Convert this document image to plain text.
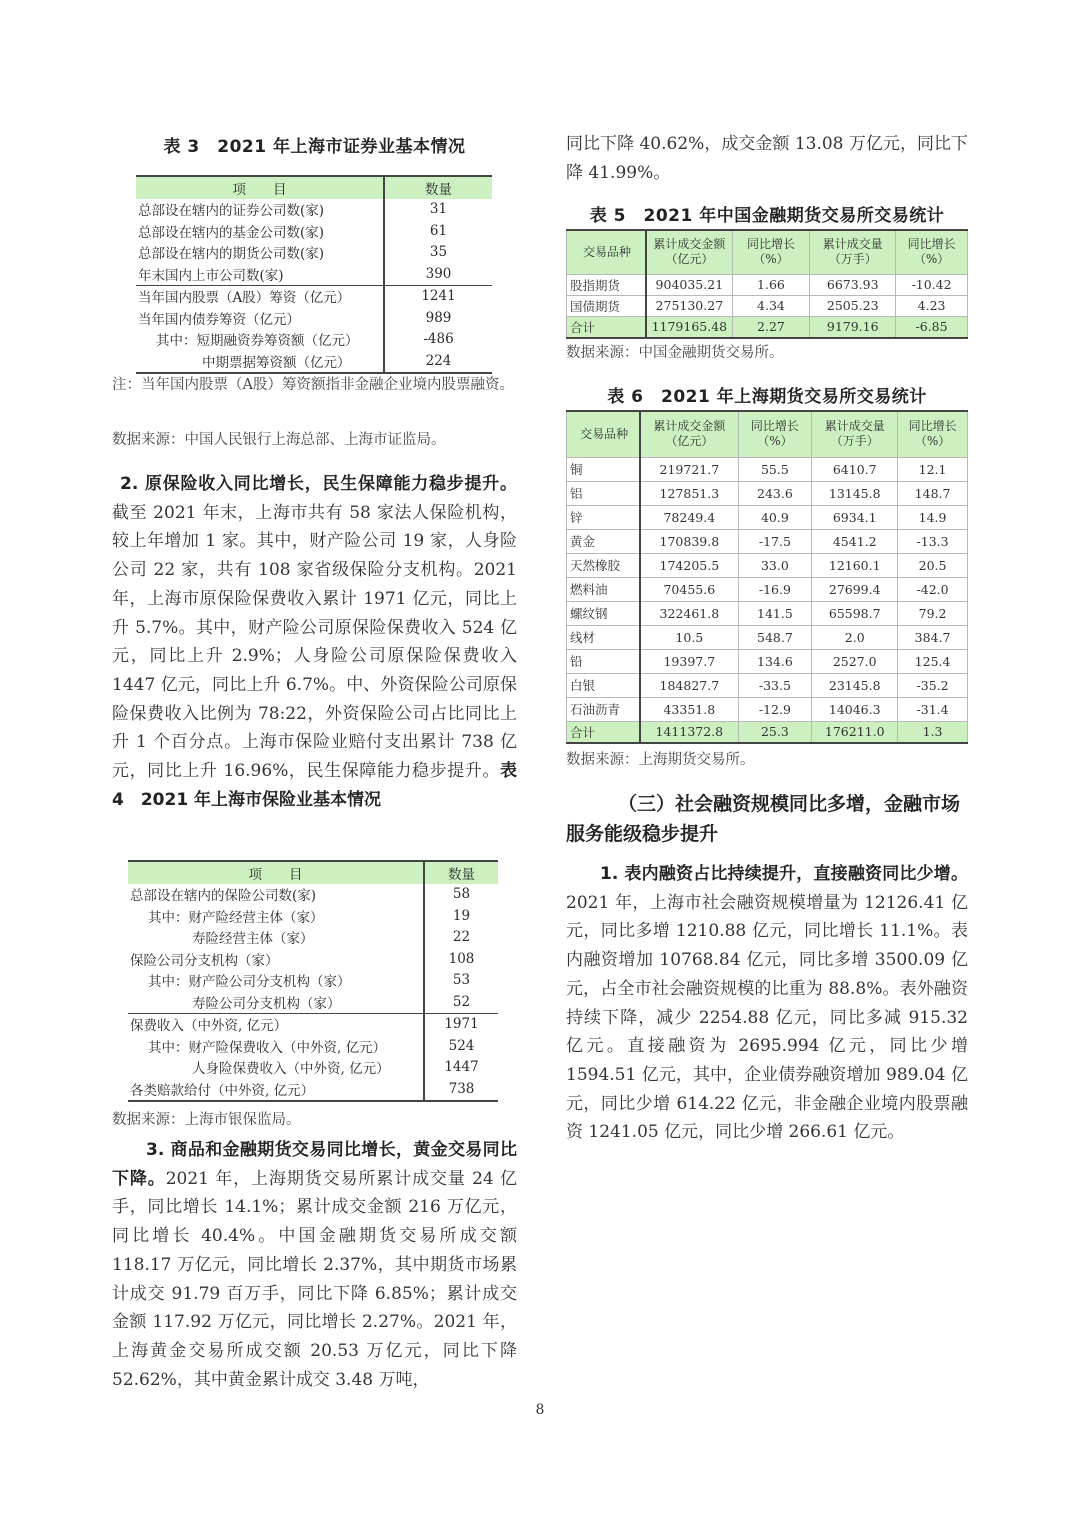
表 3　2021 年上海市证券业基本情况
项　　目	数量
总部设在辖内的证券公司数(家)	31
总部设在辖内的基金公司数(家)	61
总部设在辖内的期货公司数(家)	35
年末国内上市公司数(家)	390
当年国内股票（A股）筹资（亿元）	1241
当年国内债券筹资（亿元）	989
其中：短期融资券筹资额（亿元）	-486
中期票据筹资额（亿元）	224
注：当年国内股票（A股）筹资额指非金融企业境内股票融资。
数据来源：中国人民银行上海总部、上海市证监局。
2. 原保险收入同比增长，民生保障能力稳步提升。截至 2021 年末，上海市共有 58 家法人保险机构，较上年增加 1 家。其中，财产险公司 19 家，人身险公司 22 家，共有 108 家省级保险分支机构。2021 年，上海市原保险保费收入累计 1971 亿元，同比上升 5.7%。其中，财产险公司原保险保费收入 524 亿元，同比上升 2.9%；人身险公司原保险保费收入 1447 亿元，同比上升 6.7%。中、外资保险公司原保险保费收入比例为 78:22，外资保险公司占比同比上升 1 个百分点。上海市保险业赔付支出累计 738 亿元，同比上升 16.96%，民生保障能力稳步提升。表 4　2021 年上海市保险业基本情况
项　　目	数量
总部设在辖内的保险公司数(家)	58
其中：财产险经营主体（家）	19
寿险经营主体（家）	22
保险公司分支机构（家）	108
其中：财产险公司分支机构（家）	53
寿险公司分支机构（家）	52
保费收入（中外资, 亿元）	1971
其中：财产险保费收入（中外资, 亿元）	524
人身险保费收入（中外资, 亿元）	1447
各类赔款给付（中外资, 亿元）	738
数据来源：上海市银保监局。
3. 商品和金融期货交易同比增长，黄金交易同比下降。2021 年，上海期货交易所累计成交量 24 亿手，同比增长 14.1%；累计成交金额 216 万亿元，同比增长 40.4%。中国金融期货交易所成交额 118.17 万亿元，同比增长 2.37%，其中期货市场累计成交 91.79 百万手，同比下降 6.85%；累计成交金额 117.92 万亿元，同比增长 2.27%。2021 年，上海黄金交易所成交额 20.53 万亿元，同比下降 52.62%，其中黄金累计成交 3.48 万吨，
同比下降 40.62%，成交金额 13.08 万亿元，同比下降 41.99%。
表 5　2021 年中国金融期货交易所交易统计
交易品种	累计成交金额（亿元）	同比增长（%）	累计成交量（万手）	同比增长（%）
股指期货	904035.21	1.66	6673.93	-10.42
国债期货	275130.27	4.34	2505.23	4.23
合计	1179165.48	2.27	9179.16	-6.85
数据来源：中国金融期货交易所。
表 6　2021 年上海期货交易所交易统计
交易品种	累计成交金额（亿元）	同比增长（%）	累计成交量（万手）	同比增长（%）
铜	219721.7	55.5	6410.7	12.1
铝	127851.3	243.6	13145.8	148.7
锌	78249.4	40.9	6934.1	14.9
黄金	170839.8	-17.5	4541.2	-13.3
天然橡胶	174205.5	33.0	12160.1	20.5
燃料油	70455.6	-16.9	27699.4	-42.0
螺纹钢	322461.8	141.5	65598.7	79.2
线材	10.5	548.7	2.0	384.7
铅	19397.7	134.6	2527.0	125.4
白银	184827.7	-33.5	23145.8	-35.2
石油沥青	43351.8	-12.9	14046.3	-31.4
合计	1411372.8	25.3	176211.0	1.3
数据来源：上海期货交易所。
（三）社会融资规模同比多增，金融市场服务能级稳步提升
1. 表内融资占比持续提升，直接融资同比少增。2021 年，上海市社会融资规模增量为 12126.41 亿元，同比多增 1210.88 亿元，同比增长 11.1%。表内融资增加 10768.84 亿元，同比多增 3500.09 亿元，占全市社会融资规模的比重为 88.8%。表外融资持续下降，减少 2254.88 亿元，同比多减 915.32 亿元。直接融资为 2695.994 亿元，同比少增 1594.51 亿元，其中，企业债券融资增加 989.04 亿元，同比少增 614.22 亿元，非金融企业境内股票融资 1241.05 亿元，同比少增 266.61 亿元。
8
